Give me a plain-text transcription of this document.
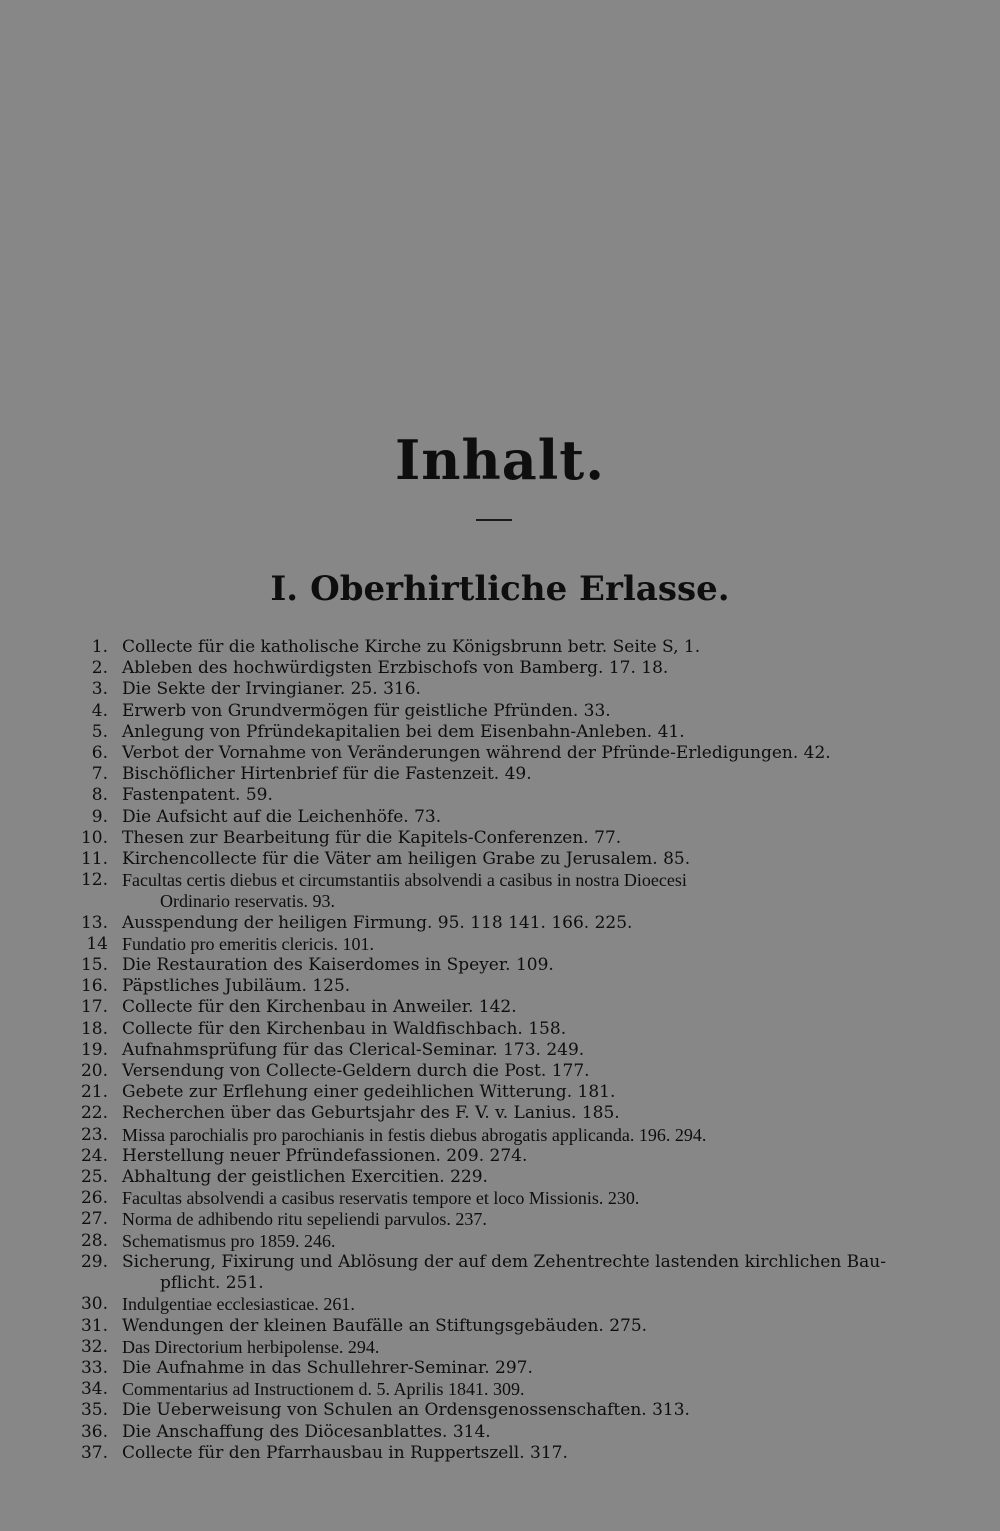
Inhalt.
I. Oberhirtliche Erlasse.
1. Collecte für die katholische Kirche zu Königsbrunn betr. Seite S, 1.
2. Ableben des hochwürdigsten Erzbischofs von Bamberg. 17. 18.
3. Die Sekte der Irvingianer. 25. 316.
4. Erwerb von Grundvermögen für geistliche Pfründen. 33.
5. Anlegung von Pfründekapitalien bei dem Eisenbahn-Anleben. 41.
6. Verbot der Vornahme von Veränderungen während der Pfründe-Erledigungen. 42.
7. Bischöflicher Hirtenbrief für die Fastenzeit. 49.
8. Fastenpatent. 59.
9. Die Aufsicht auf die Leichenhöfe. 73.
10. Thesen zur Bearbeitung für die Kapitels-Conferenzen. 77.
11. Kirchencollecte für die Väter am heiligen Grabe zu Jerusalem. 85.
12. Facultas certis diebus et circumstantiis absolvendi a casibus in nostra Dioecesi
Ordinario reservatis. 93.
13. Ausspendung der heiligen Firmung. 95. 118 141. 166. 225.
14 Fundatio pro emeritis clericis. 101.
15. Die Restauration des Kaiserdomes in Speyer. 109.
16. Päpstliches Jubiläum. 125.
17. Collecte für den Kirchenbau in Anweiler. 142.
18. Collecte für den Kirchenbau in Waldfischbach. 158.
19. Aufnahmsprüfung für das Clerical-Seminar. 173. 249.
20. Versendung von Collecte-Geldern durch die Post. 177.
21. Gebete zur Erflehung einer gedeihlichen Witterung. 181.
22. Recherchen über das Geburtsjahr des F. V. v. Lanius. 185.
23. Missa parochialis pro parochianis in festis diebus abrogatis applicanda. 196. 294.
24. Herstellung neuer Pfründefassionen. 209. 274.
25. Abhaltung der geistlichen Exercitien. 229.
26. Facultas absolvendi a casibus reservatis tempore et loco Missionis. 230.
27. Norma de adhibendo ritu sepeliendi parvulos. 237.
28. Schematismus pro 1859. 246.
29. Sicherung, Fixirung und Ablösung der auf dem Zehentrechte lastenden kirchlichen Bau-
pflicht. 251.
30. Indulgentiae ecclesiasticae. 261.
31. Wendungen der kleinen Baufälle an Stiftungsgebäuden. 275.
32. Das Directorium herbipolense. 294.
33. Die Aufnahme in das Schullehrer-Seminar. 297.
34. Commentarius ad Instructionem d. 5. Aprilis 1841. 309.
35. Die Ueberweisung von Schulen an Ordensgenossenschaften. 313.
36. Die Anschaffung des Diöcesanblattes. 314.
37. Collecte für den Pfarrhausbau in Ruppertszell. 317.
